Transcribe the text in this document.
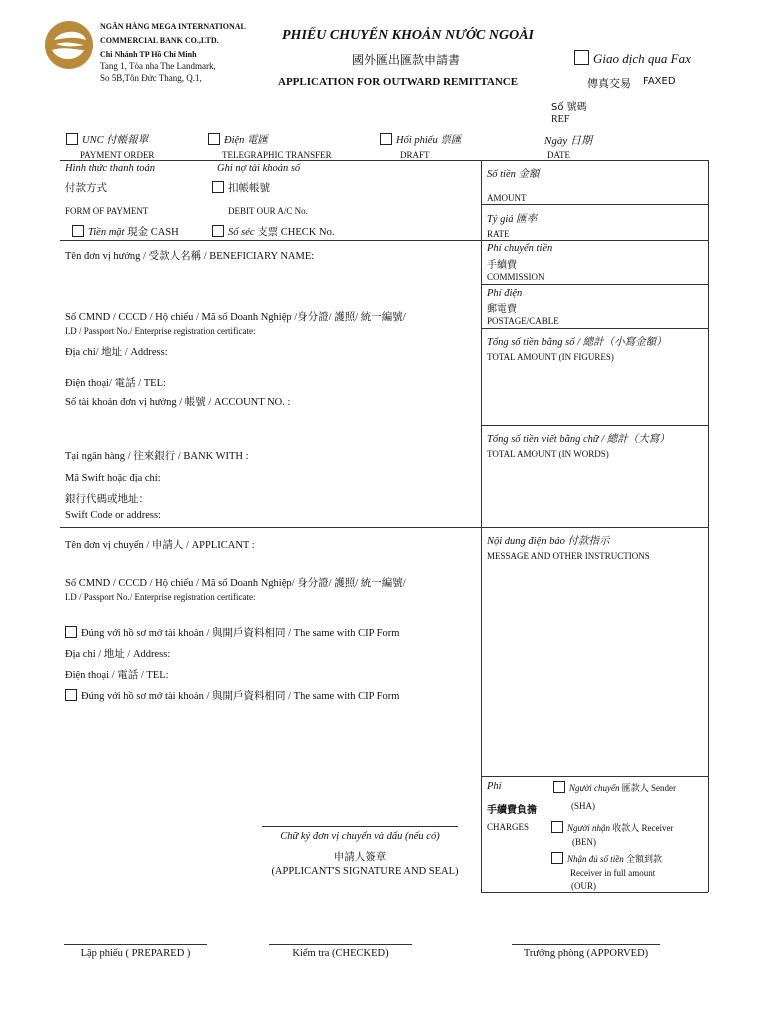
NGÂN HÀNG MEGA INTERNATIONAL
COMMERCIAL BANK CO.,LTD.
Chi Nhánh TP Hồ Chí Minh
Tang 1, Tòa nha The Landmark,
So 5B,Tôn Đức Thang, Q.1,
PHIẾU CHUYỂN KHOẢN NƯỚC NGOÀI
國外匯出匯款申請書
APPLICATION FOR OUTWARD REMITTANCE
Giao dịch qua Fax
傳真交易 FAXED
Số 號碼
REF
UNC 付帳報單
PAYMENT ORDER
Điện 電匯
TELEGRAPHIC TRANSFER
Hối phiếu 票匯
DRAFT
Ngày 日期
DATE
Hình thức thanh toán
付款方式
FORM OF PAYMENT
Ghi nợ tài khoản số
扣帳帳號
DEBIT OUR A/C No.
Tiền mặt 現金 CASH	Số séc 支票 CHECK No.
Tên đơn vị hưởng / 受款人名稱 / BENEFICIARY NAME:
Số CMND / CCCD / Hộ chiếu / Mã số Doanh Nghiệp /身分證/ 護照/ 統一編號/
I.D / Passport No./ Enterprise registration certificate:
Địa chỉ/ 地址 / Address:
Điện thoại/ 電話 / TEL:
Số tài khoản đơn vị hưởng / 帳號 / ACCOUNT NO. :
Tại ngân hàng / 往來銀行 / BANK WITH :
Mã Swift hoặc địa chỉ:
銀行代碼或地址：
Swift Code or address:
Tên đơn vị chuyển / 申請人 / APPLICANT :
Số CMND / CCCD / Hộ chiếu / Mã số Doanh Nghiệp/ 身分證/ 護照/ 統一編號/
I.D / Passport No./ Enterprise registration certificate:
Đúng với hồ sơ mở tài khoản / 與開戶資料相同 / The same with CIP Form
Địa chỉ / 地址 / Address:
Điện thoại / 電話 / TEL:
Đúng với hồ sơ mở tài khoản / 與開戶資料相同 / The same with CIP Form
Chữ ký đơn vị chuyển và dấu (nếu có)
申請人簽章
(APPLICANT'S SIGNATURE AND SEAL)
Số tiền 金額
AMOUNT
Tỷ giá 匯率
RATE
Phí chuyển tiền
手續費
COMMISSION
Phí điện
郵電費
POSTAGE/CABLE
Tổng số tiền bằng số / 總計（小寫金額）
TOTAL AMOUNT (IN FIGURES)
Tổng số tiền viết bằng chữ / 總計（大寫）
TOTAL AMOUNT (IN WORDS)
Nội dung điện báo 付款指示
MESSAGE AND OTHER INSTRUCTIONS
Phí
手續費負擔
CHARGES
Người chuyển 匯款人 Sender
(SHA)
Người nhận 收款人 Receiver
(BEN)
Nhận đủ số tiền 全額到款
Receiver in full amount
(OUR)
Lập phiếu ( PREPARED )	Kiểm tra (CHECKED)	Trưởng phòng (APPORVED)
